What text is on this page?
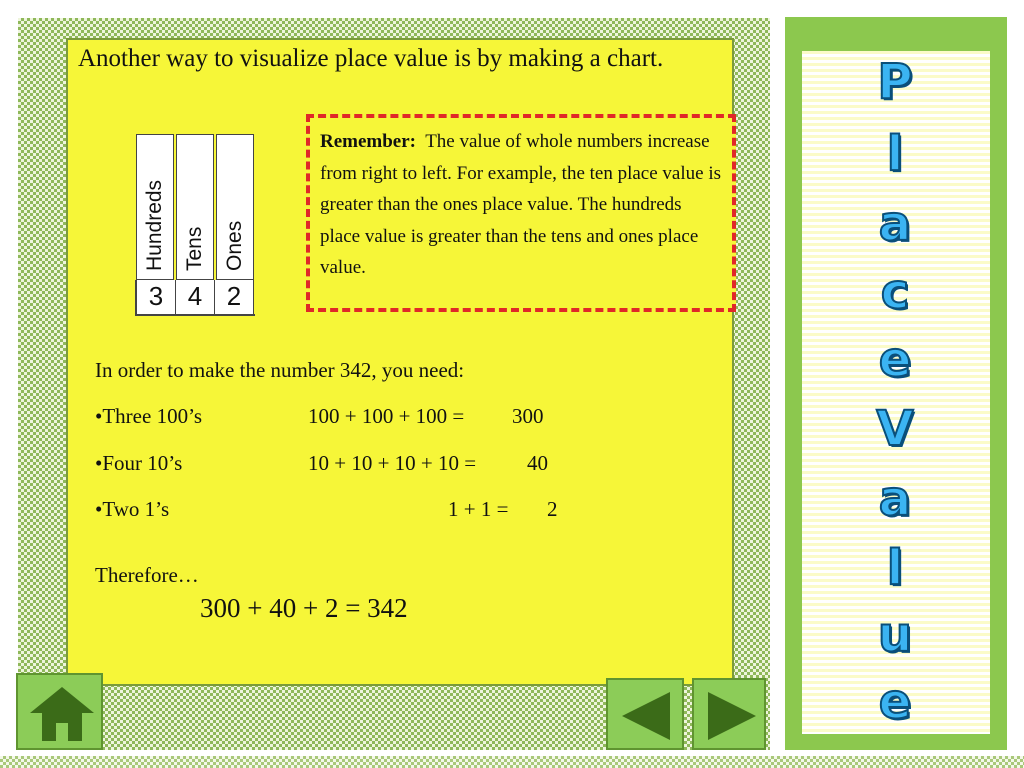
Another way to visualize place value is by making a chart.
Hundreds Tens Ones
3 4 2
Remember: The value of whole numbers increase from right to left. For example, the ten place value is greater than the ones place value. The hundreds place value is greater than the tens and ones place value.
In order to make the number 342, you need:
•Three 100’s	100 + 100 + 100 = 300
•Four 10’s	10 + 10 + 10 + 10 = 40
•Two 1’s	1 + 1 = 2
Therefore…
300 + 40 + 2 = 342
P
l
a
c
e
V
a
l
u
e
